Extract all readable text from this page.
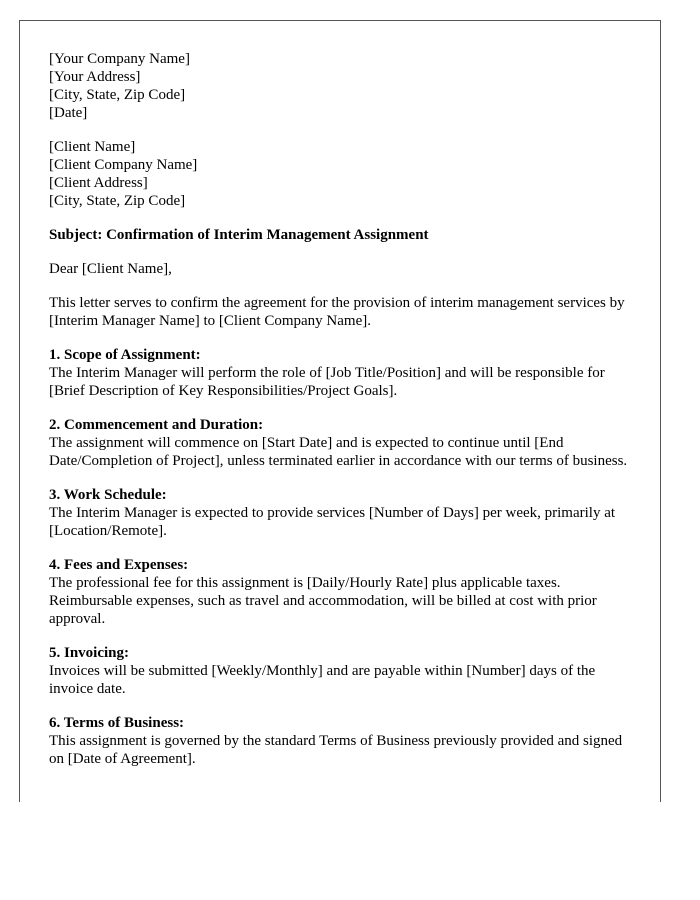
[Your Company Name]
[Your Address]
[City, State, Zip Code]
[Date]
[Client Name]
[Client Company Name]
[Client Address]
[City, State, Zip Code]
Subject: Confirmation of Interim Management Assignment
Dear [Client Name],
This letter serves to confirm the agreement for the provision of interim management services by [Interim Manager Name] to [Client Company Name].
1. Scope of Assignment:
The Interim Manager will perform the role of [Job Title/Position] and will be responsible for [Brief Description of Key Responsibilities/Project Goals].
2. Commencement and Duration:
The assignment will commence on [Start Date] and is expected to continue until [End Date/Completion of Project], unless terminated earlier in accordance with our terms of business.
3. Work Schedule:
The Interim Manager is expected to provide services [Number of Days] per week, primarily at [Location/Remote].
4. Fees and Expenses:
The professional fee for this assignment is [Daily/Hourly Rate] plus applicable taxes. Reimbursable expenses, such as travel and accommodation, will be billed at cost with prior approval.
5. Invoicing:
Invoices will be submitted [Weekly/Monthly] and are payable within [Number] days of the invoice date.
6. Terms of Business:
This assignment is governed by the standard Terms of Business previously provided and signed on [Date of Agreement].
